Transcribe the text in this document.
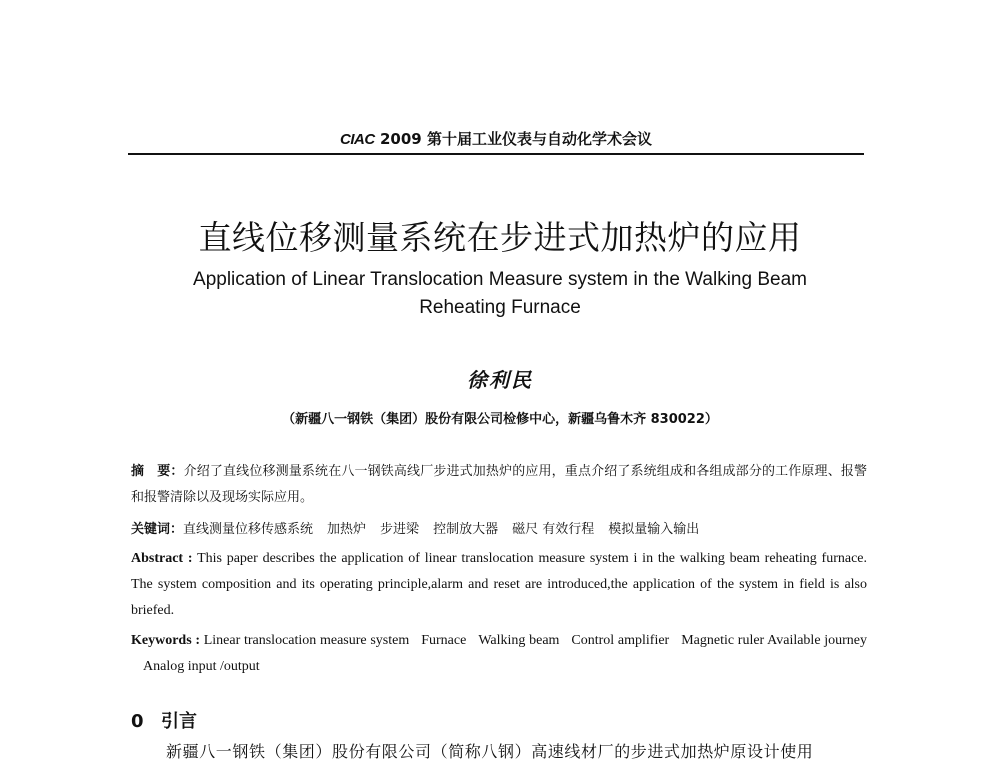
CIAC 2009 第十届工业仪表与自动化学术会议
直线位移测量系统在步进式加热炉的应用
Application of Linear Translocation Measure system in the Walking Beam
Reheating Furnace
徐利民
（新疆八一钢铁（集团）股份有限公司检修中心，新疆乌鲁木齐 830022）
摘　要：介绍了直线位移测量系统在八一钢铁高线厂步进式加热炉的应用，重点介绍了系统组成和各组成部分的工作原理、报警和报警清除以及现场实际应用。
关键词：直线测量位移传感系统 加热炉 步进梁 控制放大器 磁尺 有效行程 模拟量输入输出
Abstract : This paper describes the application of linear translocation measure system i in the walking beam reheating furnace. The system composition and its operating principle,alarm and reset are introduced,the application of the system in field is also briefed.
Keywords : Linear translocation measure system Furnace Walking beam Control amplifier Magnetic ruler Available journeyAnalog input /output
0 引言
新疆八一钢铁（集团）股份有限公司（简称八钢）高速线材厂的步进式加热炉原设计使用
